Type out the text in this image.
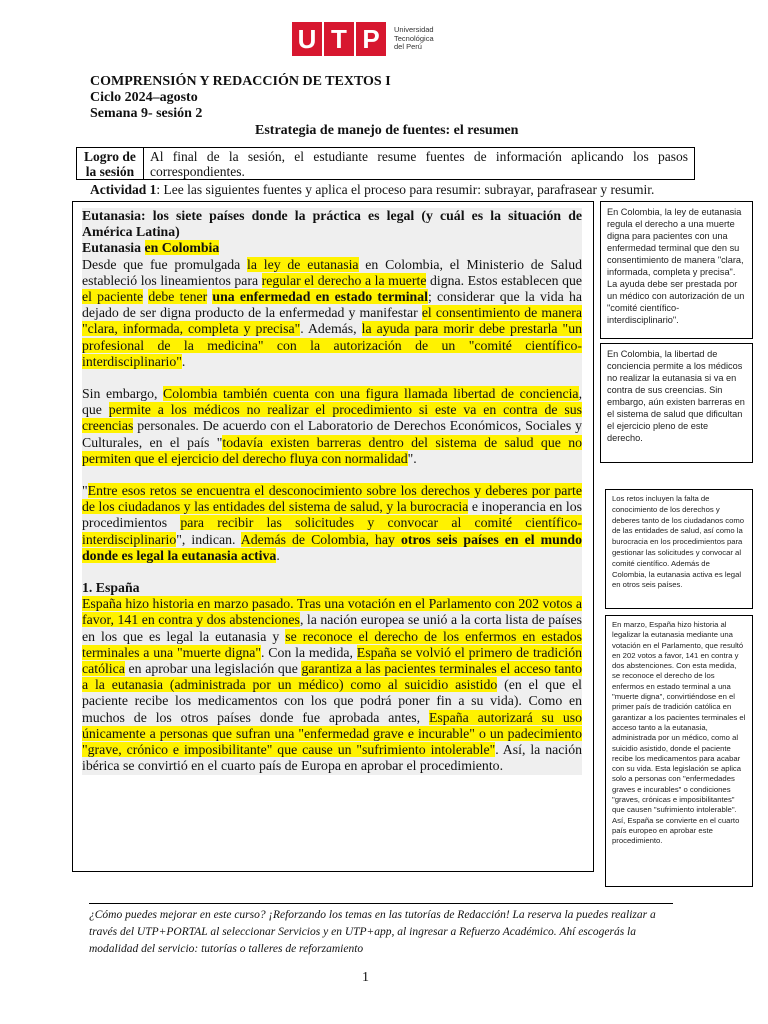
U T P	Universidad
Tecnológica
del Perú
COMPRENSIÓN Y REDACCIÓN DE TEXTOS I
Ciclo 2024–agosto
Semana 9- sesión 2
Estrategia de manejo de fuentes: el resumen
Logro de
la sesión
Al final de la sesión, el estudiante resume fuentes de información aplicando los pasos correspondientes.
Actividad 1: Lee las siguientes fuentes y aplica el proceso para resumir: subrayar, parafrasear y resumir.

Eutanasia: los siete países donde la práctica es legal (y cuál es la situación de América Latina)

Eutanasia en Colombia

Desde que fue promulgada la ley de eutanasia en Colombia, el Ministerio de Salud estableció los lineamientos para regular el derecho a la muerte digna. Estos establecen que el paciente debe tener una enfermedad en estado terminal; considerar que la vida ha dejado de ser digna producto de la enfermedad y manifestar el consentimiento de manera "clara, informada, completa y precisa". Además, la ayuda para morir debe prestarla "un profesional de la medicina" con la autorización de un "comité científico-interdisciplinario".

Sin embargo, Colombia también cuenta con una figura llamada libertad de conciencia, que permite a los médicos no realizar el procedimiento si este va en contra de sus creencias personales. De acuerdo con el Laboratorio de Derechos Económicos, Sociales y Culturales, en el país "todavía existen barreras dentro del sistema de salud que no permiten que el ejercicio del derecho fluya con normalidad".

"Entre esos retos se encuentra el desconocimiento sobre los derechos y deberes por parte de los ciudadanos y las entidades del sistema de salud, y la burocracia e inoperancia en los procedimientos para recibir las solicitudes y convocar al comité científico-interdisciplinario", indican. Además de Colombia, hay otros seis países en el mundo donde es legal la eutanasia activa.

1. España

España hizo historia en marzo pasado. Tras una votación en el Parlamento con 202 votos a favor, 141 en contra y dos abstenciones, la nación europea se unió a la corta lista de países en los que es legal la eutanasia y se reconoce el derecho de los enfermos en estados terminales a una "muerte digna". Con la medida, España se volvió el primero de tradición católica en aprobar una legislación que garantiza a las pacientes terminales el acceso tanto a la eutanasia (administrada por un médico) como al suicidio asistido (en el que el paciente recibe los medicamentos con los que podrá poner fin a su vida). Como en muchos de los otros países donde fue aprobada antes, España autorizará su uso únicamente a personas que sufran una "enfermedad grave e incurable" o un padecimiento "grave, crónico e imposibilitante" que cause un "sufrimiento intolerable". Así, la nación ibérica se convirtió en el cuarto país de Europa en aprobar el procedimiento.

En Colombia, la ley de eutanasia regula el derecho a una muerte digna para pacientes con una enfermedad terminal que den su consentimiento de manera "clara, informada, completa y precisa". La ayuda debe ser prestada por un médico con autorización de un "comité científico-interdisciplinario".
En Colombia, la libertad de conciencia permite a los médicos no realizar la eutanasia si va en contra de sus creencias. Sin embargo, aún existen barreras en el sistema de salud que dificultan el ejercicio pleno de este derecho.
Los retos incluyen la falta de conocimiento de los derechos y deberes tanto de los ciudadanos como de las entidades de salud, así como la burocracia en los procedimientos para gestionar las solicitudes y convocar al comité científico. Además de Colombia, la eutanasia activa es legal en otros seis países.
En marzo, España hizo historia al legalizar la eutanasia mediante una votación en el Parlamento, que resultó en 202 votos a favor, 141 en contra y dos abstenciones. Con esta medida, se reconoce el derecho de los enfermos en estado terminal a una "muerte digna", convirtiéndose en el primer país de tradición católica en garantizar a los pacientes terminales el acceso tanto a la eutanasia, administrada por un médico, como al suicidio asistido, donde el paciente recibe los medicamentos para acabar con su vida. Esta legislación se aplica solo a personas con "enfermedades graves e incurables" o condiciones "graves, crónicas e imposibilitantes" que causen "sufrimiento intolerable". Así, España se convierte en el cuarto país europeo en aprobar este procedimiento.
¿Cómo puedes mejorar en este curso? ¡Reforzando los temas en las tutorías de Redacción! La reserva la puedes realizar a través del UTP+PORTAL al seleccionar Servicios y en UTP+app, al ingresar a Refuerzo Académico. Ahí escogerás la modalidad del servicio: tutorías o talleres de reforzamiento
1
